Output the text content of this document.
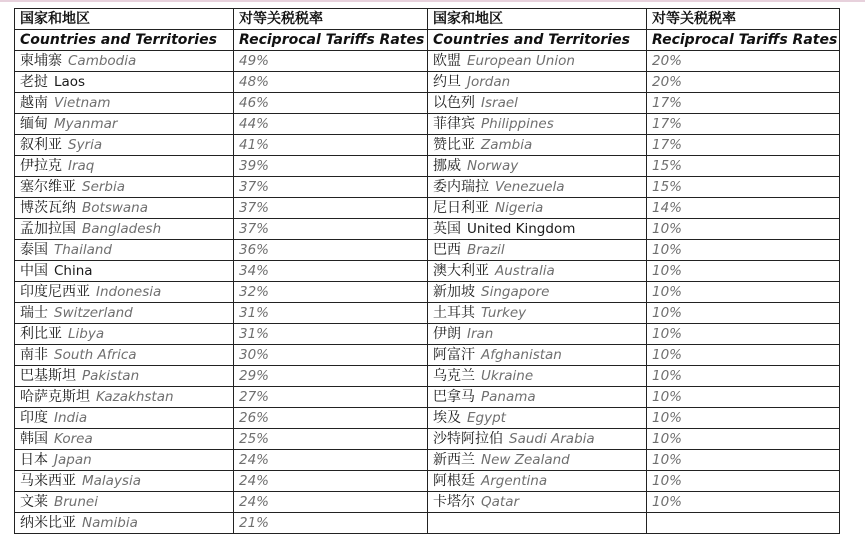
国家和地区	对等关税税率	国家和地区	对等关税税率
Countries and Territories	Reciprocal Tariffs Rates	Countries and Territories	Reciprocal Tariffs Rates
柬埔寨 Cambodia	49%	欧盟 European Union	20%
老挝 Laos	48%	约旦 Jordan	20%
越南 Vietnam	46%	以色列 Israel	17%
缅甸 Myanmar	44%	菲律宾 Philippines	17%
叙利亚 Syria	41%	赞比亚 Zambia	17%
伊拉克 Iraq	39%	挪威 Norway	15%
塞尔维亚 Serbia	37%	委内瑞拉 Venezuela	15%
博茨瓦纳 Botswana	37%	尼日利亚 Nigeria	14%
孟加拉国 Bangladesh	37%	英国 United Kingdom	10%
泰国 Thailand	36%	巴西 Brazil	10%
中国 China	34%	澳大利亚 Australia	10%
印度尼西亚 Indonesia	32%	新加坡 Singapore	10%
瑞士 Switzerland	31%	土耳其 Turkey	10%
利比亚 Libya	31%	伊朗 Iran	10%
南非 South Africa	30%	阿富汗 Afghanistan	10%
巴基斯坦 Pakistan	29%	乌克兰 Ukraine	10%
哈萨克斯坦 Kazakhstan	27%	巴拿马 Panama	10%
印度 India	26%	埃及 Egypt	10%
韩国 Korea	25%	沙特阿拉伯 Saudi Arabia	10%
日本 Japan	24%	新西兰 New Zealand	10%
马来西亚 Malaysia	24%	阿根廷 Argentina	10%
文莱 Brunei	24%	卡塔尔 Qatar	10%
纳米比亚 Namibia	21%		
